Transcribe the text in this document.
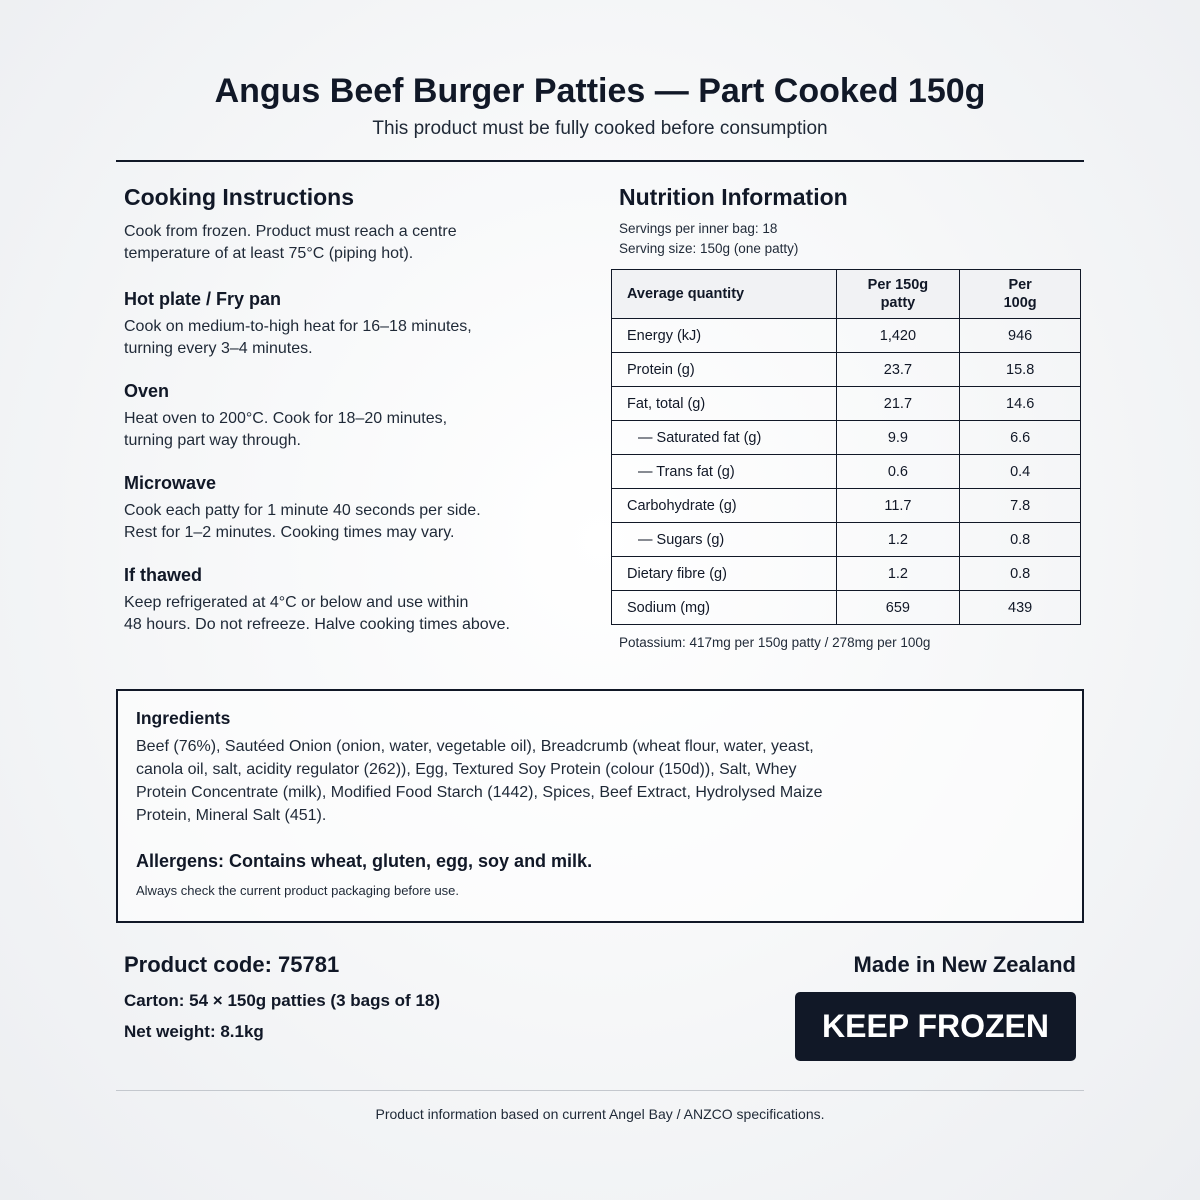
Angus Beef Burger Patties — Part Cooked 150g

This product must be fully cooked before consumption

Cooking Instructions

Cook from frozen. Product must reach a centre
temperature of at least 75°C (piping hot).

Hot plate / Fry pan

Cook on medium-to-high heat for 16–18 minutes,
turning every 3–4 minutes.

Oven

Heat oven to 200°C. Cook for 18–20 minutes,
turning part way through.

Microwave

Cook each patty for 1 minute 40 seconds per side.
Rest for 1–2 minutes. Cooking times may vary.

If thawed

Keep refrigerated at 4°C or below and use within
48 hours. Do not refreeze. Halve cooking times above.

Nutrition Information

Servings per inner bag: 18

Serving size: 150g (one patty)

Average quantity	Per 150g patty	Per 100g

Energy (kJ)	1,420	946
Protein (g)	23.7	15.8
Fat, total (g)	21.7	14.6
— Saturated fat (g)	9.9	6.6
— Trans fat (g)	0.6	0.4
Carbohydrate (g)	11.7	7.8
— Sugars (g)	1.2	0.8
Dietary fibre (g)	1.2	0.8
Sodium (mg)	659	439

Potassium: 417mg per 150g patty / 278mg per 100g

Ingredients

Beef (76%), Sautéed Onion (onion, water, vegetable oil), Breadcrumb (wheat flour, water, yeast, canola oil, salt, acidity regulator (262)), Egg, Textured Soy Protein (colour (150d)), Salt, Whey Protein Concentrate (milk), Modified Food Starch (1442), Spices, Beef Extract, Hydrolysed Maize Protein, Mineral Salt (451).

Allergens: Contains wheat, gluten, egg, soy and milk.

Always check the current product packaging before use.

Product code: 75781

Carton: 54 × 150g patties (3 bags of 18)

Net weight: 8.1kg

Made in New Zealand

KEEP FROZEN

Product information based on current Angel Bay / ANZCO specifications.
